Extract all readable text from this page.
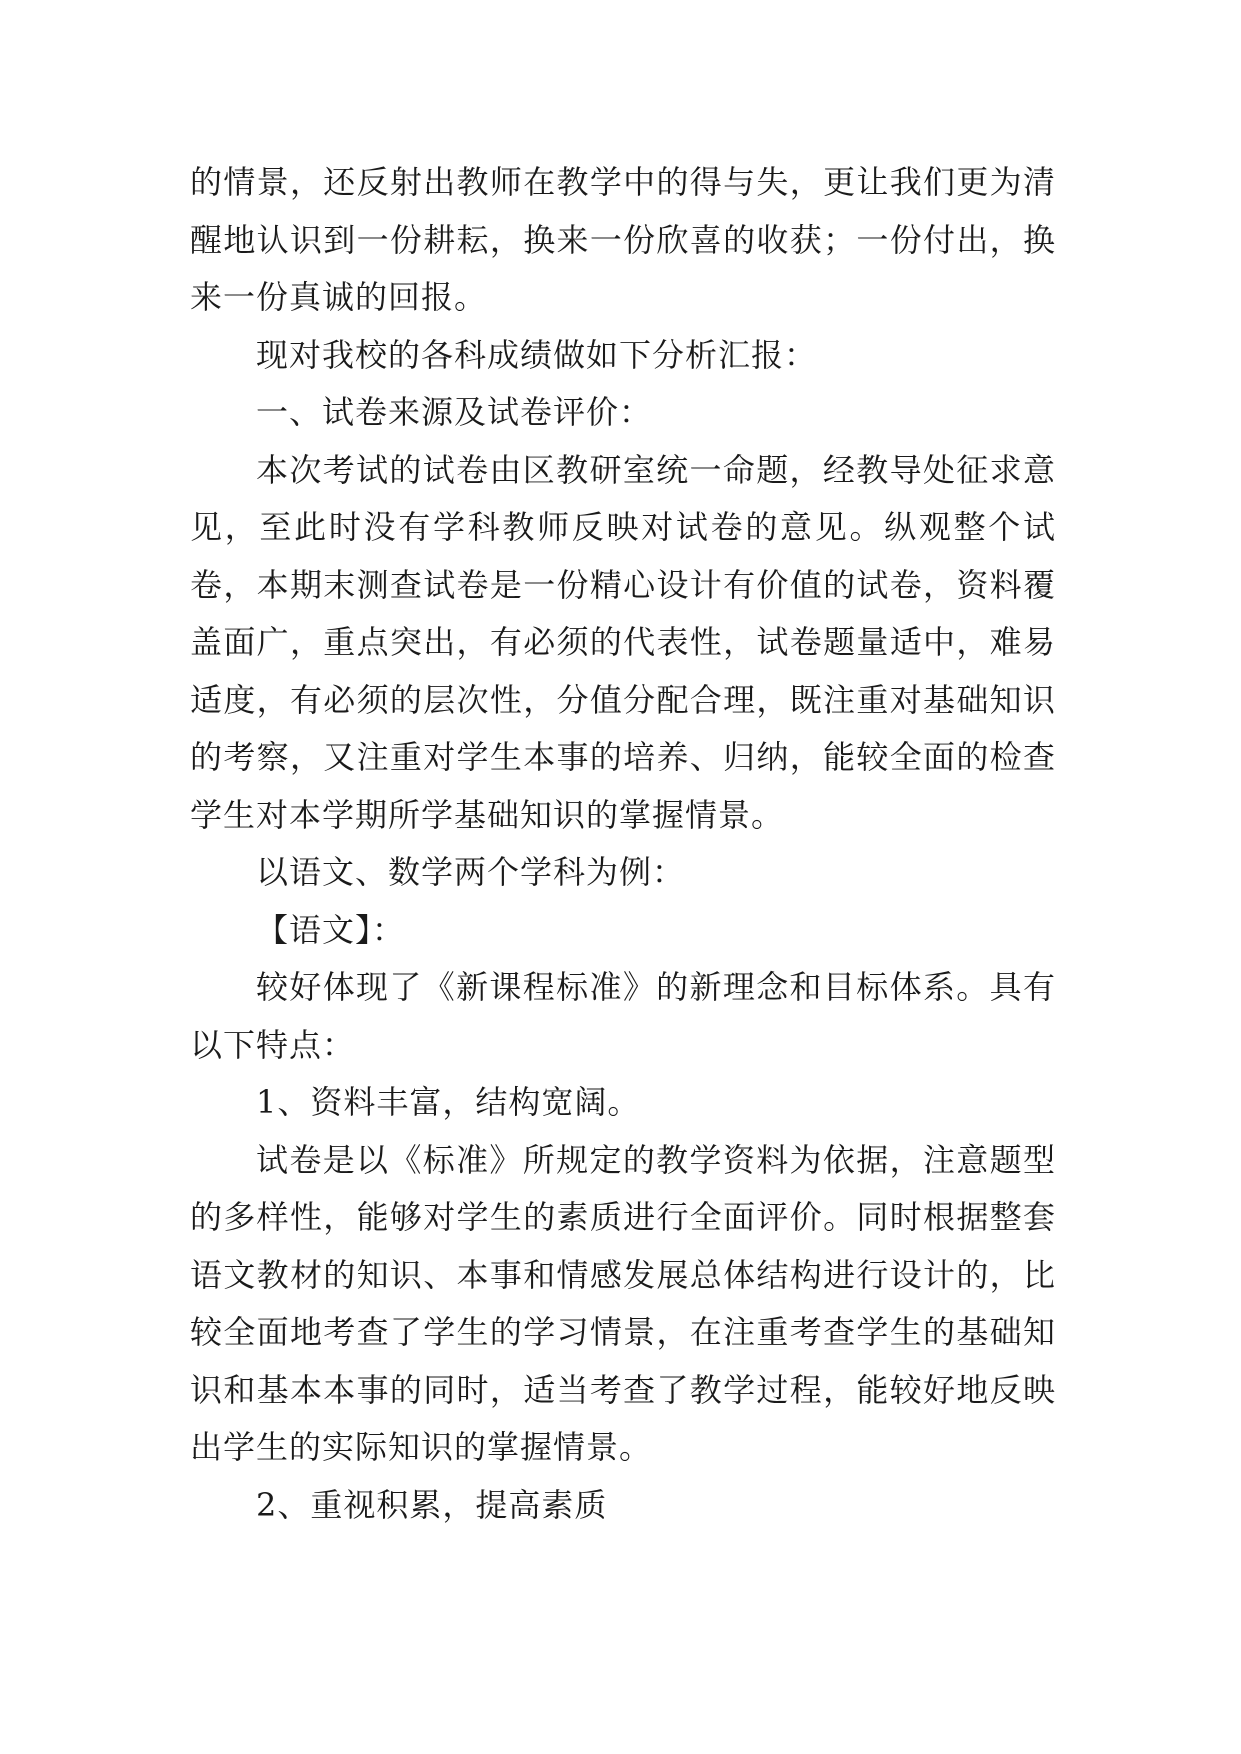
的情景，还反射出教师在教学中的得与失，更让我们更为清醒地认识到一份耕耘，换来一份欣喜的收获；一份付出，换来一份真诚的回报。

现对我校的各科成绩做如下分析汇报：

一、试卷来源及试卷评价：

本次考试的试卷由区教研室统一命题，经教导处征求意见，至此时没有学科教师反映对试卷的意见。纵观整个试卷，本期末测查试卷是一份精心设计有价值的试卷，资料覆盖面广，重点突出，有必须的代表性，试卷题量适中，难易适度，有必须的层次性，分值分配合理，既注重对基础知识的考察，又注重对学生本事的培养、归纳，能较全面的检查学生对本学期所学基础知识的掌握情景。

以语文、数学两个学科为例：

【语文】：

较好体现了《新课程标准》的新理念和目标体系。具有以下特点：

1、资料丰富，结构宽阔。

试卷是以《标准》所规定的教学资料为依据，注意题型的多样性，能够对学生的素质进行全面评价。同时根据整套语文教材的知识、本事和情感发展总体结构进行设计的，比较全面地考查了学生的学习情景，在注重考查学生的基础知识和基本本事的同时，适当考查了教学过程，能较好地反映出学生的实际知识的掌握情景。

2、重视积累，提高素质
